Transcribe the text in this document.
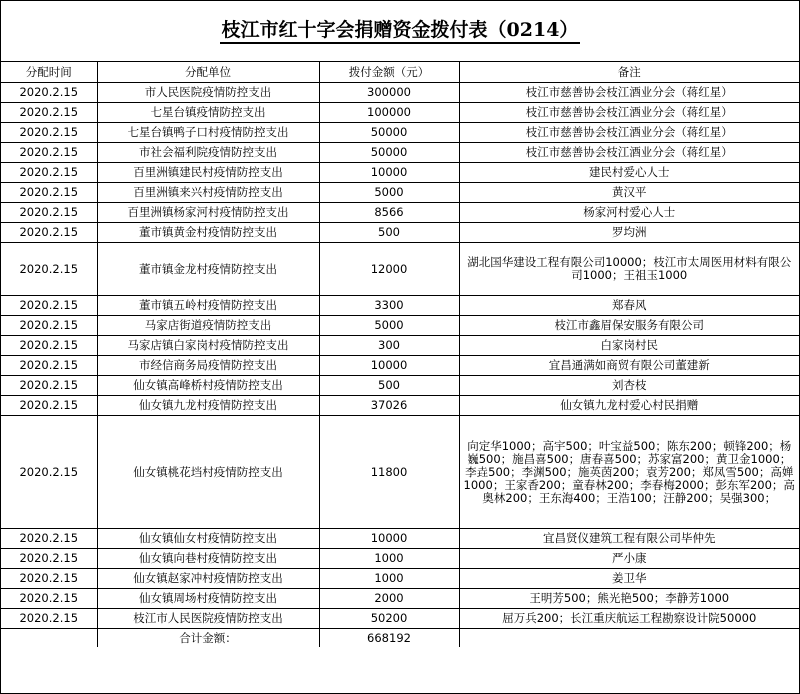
枝江市红十字会捐赠资金拨付表（0214）
分配时间	分配单位	拨付金额（元）	备注
2020.2.15	市人民医院疫情防控支出	300000	枝江市慈善协会枝江酒业分会（蒋红星）
2020.2.15	七星台镇疫情防控支出	100000	枝江市慈善协会枝江酒业分会（蒋红星）
2020.2.15	七星台镇鸭子口村疫情防控支出	50000	枝江市慈善协会枝江酒业分会（蒋红星）
2020.2.15	市社会福利院疫情防控支出	50000	枝江市慈善协会枝江酒业分会（蒋红星）
2020.2.15	百里洲镇建民村疫情防控支出	10000	建民村爱心人士
2020.2.15	百里洲镇来兴村疫情防控支出	5000	黄汉平
2020.2.15	百里洲镇杨家河村疫情防控支出	8566	杨家河村爱心人士
2020.2.15	董市镇黄金村疫情防控支出	500	罗均洲
2020.2.15	董市镇金龙村疫情防控支出	12000	湖北国华建设工程有限公司10000；枝江市太周医用材料有限公司1000；王祖玉1000
2020.2.15	董市镇五岭村疫情防控支出	3300	郑春风
2020.2.15	马家店街道疫情防控支出	5000	枝江市鑫眉保安服务有限公司
2020.2.15	马家店镇白家岗村疫情防控支出	300	白家岗村民
2020.2.15	市经信商务局疫情防控支出	10000	宜昌通满如商贸有限公司董建新
2020.2.15	仙女镇高峰桥村疫情防控支出	500	刘杏枝
2020.2.15	仙女镇九龙村疫情防控支出	37026	仙女镇九龙村爱心村民捐赠
2020.2.15	仙女镇桃花垱村疫情防控支出	11800	向定华1000；高宇500；叶宝益500；陈东200；顿锋200；杨巍500；施昌喜500；唐春喜500；苏家富200；黄卫金1000；李垚500；李渊500；施英茵200；袁芳200；郑凤雪500；高婵1000；王家香200；童春林200；李春梅2000；彭东军200；高奥林200；王东海400；王浩100；汪静200；吴强300；
2020.2.15	仙女镇仙女村疫情防控支出	10000	宜昌贤仪建筑工程有限公司毕仲先
2020.2.15	仙女镇向巷村疫情防控支出	1000	严小康
2020.2.15	仙女镇赵家冲村疫情防控支出	1000	姜卫华
2020.2.15	仙女镇周场村疫情防控支出	2000	王明芳500；熊光艳500；李静芳1000
2020.2.15	枝江市人民医院疫情防控支出	50200	屈万兵200；长江重庆航运工程勘察设计院50000
	合计金额：	668192	
